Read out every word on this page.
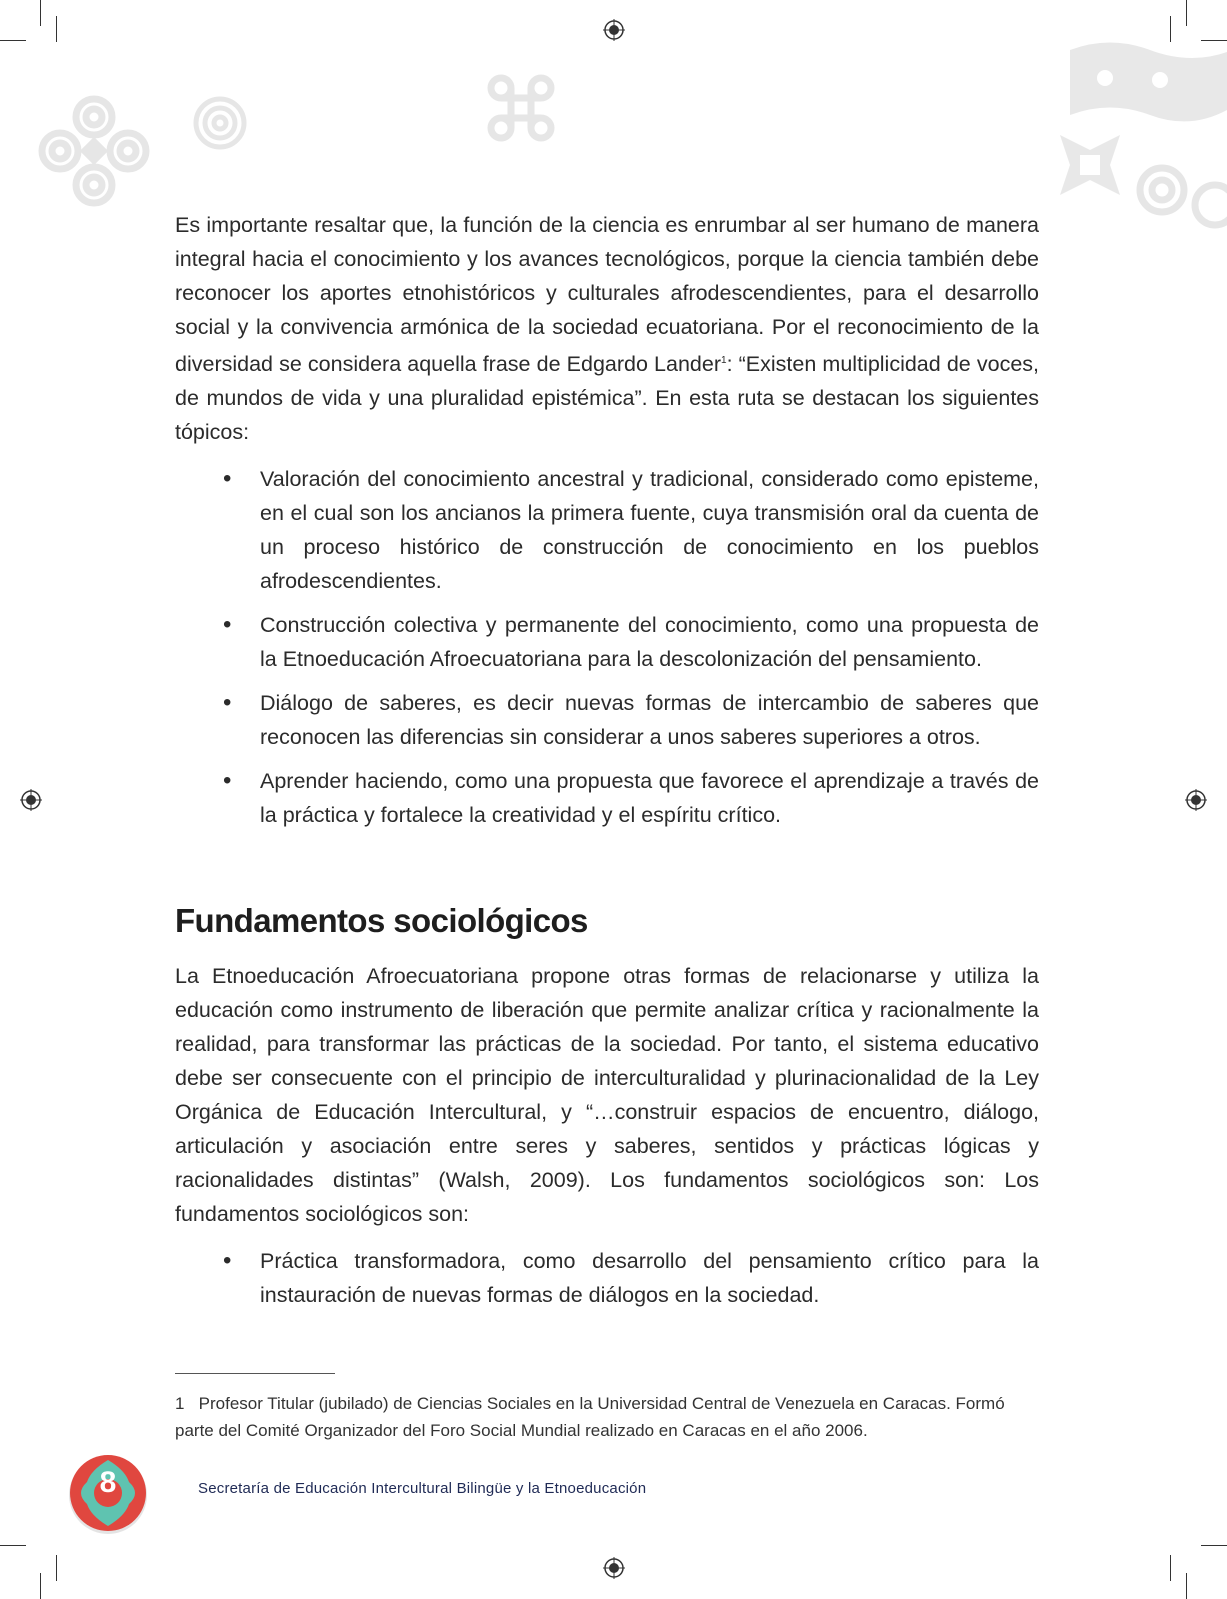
Es importante resaltar que, la función de la ciencia es enrumbar al ser humano de manera integral hacia el conocimiento y los avances tecnológicos, porque la ciencia también debe reconocer los aportes etnohistóricos y culturales afrodescendientes, para el desarrollo social y la convivencia armónica de la sociedad ecuatoriana. Por el reconocimiento de la diversidad se considera aquella frase de Edgardo Lander$^1$: “Existen multiplicidad de voces, de mundos de vida y una pluralidad epistémica”. En esta ruta se destacan los siguientes tópicos:
• Valoración del conocimiento ancestral y tradicional, considerado como episteme, en el cual son los ancianos la primera fuente, cuya transmisión oral da cuenta de un proceso histórico de construcción de conocimiento en los pueblos afrodescendientes.
• Construcción colectiva y permanente del conocimiento, como una propuesta de la Etnoeducación Afroecuatoriana para la descolonización del pensamiento.
• Diálogo de saberes, es decir nuevas formas de intercambio de saberes que reconocen las diferencias sin considerar a unos saberes superiores a otros.
• Aprender haciendo, como una propuesta que favorece el aprendizaje a través de la práctica y fortalece la creatividad y el espíritu crítico.
Fundamentos sociológicos
La Etnoeducación Afroecuatoriana propone otras formas de relacionarse y utiliza la educación como instrumento de liberación que permite analizar crítica y racionalmente la realidad, para transformar las prácticas de la sociedad. Por tanto, el sistema educativo debe ser consecuente con el principio de interculturalidad y plurinacionalidad de la Ley Orgánica de Educación Intercultural, y “…construir espacios de encuentro, diálogo, articulación y asociación entre seres y saberes, sentidos y prácticas lógicas y racionalidades distintas” (Walsh, 2009). Los fundamentos sociológicos son: Los fundamentos sociológicos son:
• Práctica transformadora, como desarrollo del pensamiento crítico para la instauración de nuevas formas de diálogos en la sociedad.
1 Profesor Titular (jubilado) de Ciencias Sociales en la Universidad Central de Venezuela en Caracas. Formó parte del Comité Organizador del Foro Social Mundial realizado en Caracas en el año 2006.
8	Secretaría de Educación Intercultural Bilingüe y la Etnoeducación
